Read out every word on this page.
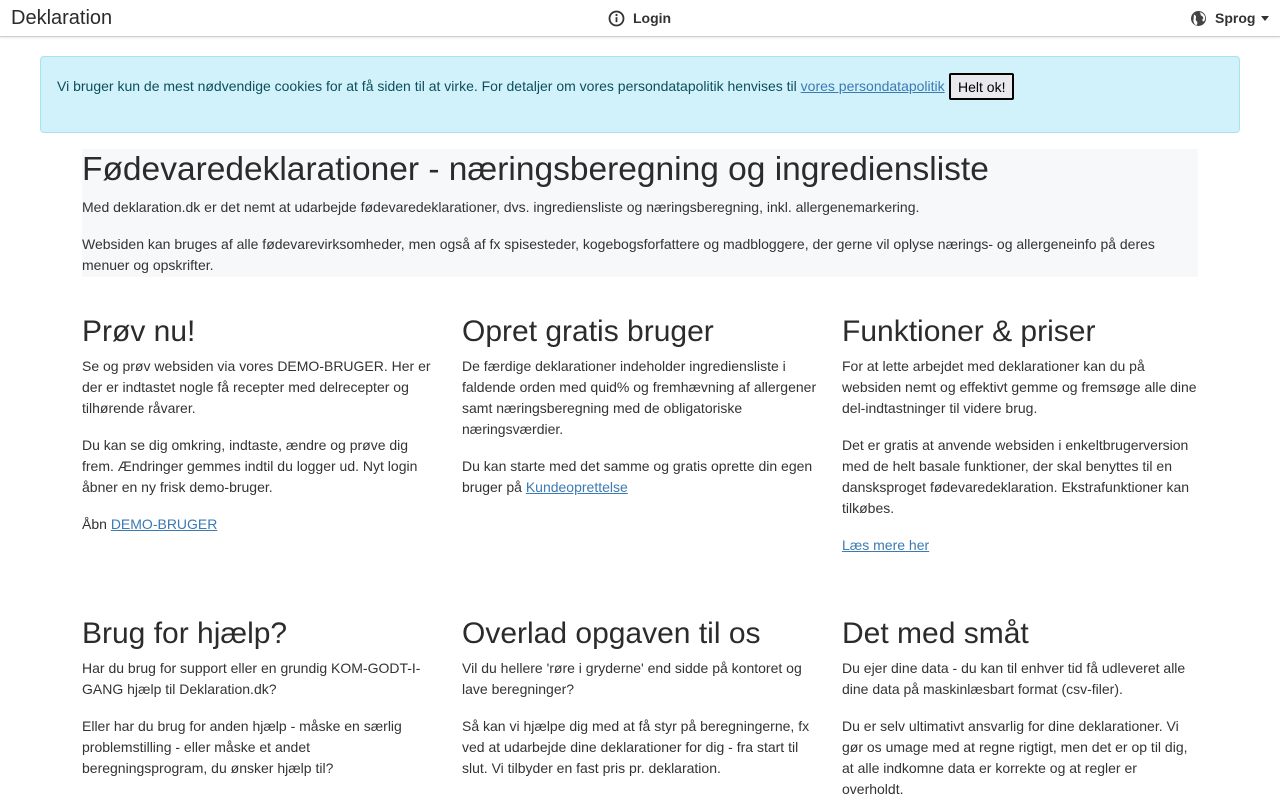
Deklaration	Login	Sprog
Vi bruger kun de mest nødvendige cookies for at få siden til at virke. For detaljer om vores persondatapolitik henvises til vores persondatapolitik Helt ok!
Fødevaredeklarationer - næringsberegning og ingrediensliste

Med deklaration.dk er det nemt at udarbejde fødevaredeklarationer, dvs. ingrediensliste og næringsberegning, inkl. allergenemarkering.

Websiden kan bruges af alle fødevarevirksomheder, men også af fx spisesteder, kogebogsforfattere og madbloggere, der gerne vil oplyse nærings- og allergeneinfo på deres menuer og opskrifter.

Prøv nu!

Se og prøv websiden via vores DEMO-BRUGER. Her er der er indtastet nogle få recepter med delrecepter og tilhørende råvarer.

Du kan se dig omkring, indtaste, ændre og prøve dig frem. Ændringer gemmes indtil du logger ud. Nyt login åbner en ny frisk demo-bruger.

Åbn DEMO-BRUGER

Opret gratis bruger

De færdige deklarationer indeholder ingrediensliste i faldende orden med quid% og fremhævning af allergener samt næringsberegning med de obligatoriske næringsværdier.

Du kan starte med det samme og gratis oprette din egen bruger på Kundeoprettelse

Funktioner & priser

For at lette arbejdet med deklarationer kan du på websiden nemt og effektivt gemme og fremsøge alle dine del-indtastninger til videre brug.

Det er gratis at anvende websiden i enkeltbrugerversion med de helt basale funktioner, der skal benyttes til en dansksproget fødevaredeklaration. Ekstrafunktioner kan tilkøbes.

Læs mere her

Brug for hjælp?

Har du brug for support eller en grundig KOM-GODT-I-GANG hjælp til Deklaration.dk?

Eller har du brug for anden hjælp - måske en særlig problemstilling - eller måske et andet beregningsprogram, du ønsker hjælp til?

Overlad opgaven til os

Vil du hellere 'røre i gryderne' end sidde på kontoret og lave beregninger?

Så kan vi hjælpe dig med at få styr på beregningerne, fx ved at udarbejde dine deklarationer for dig - fra start til slut. Vi tilbyder en fast pris pr. deklaration.

Det med småt

Du ejer dine data - du kan til enhver tid få udleveret alle dine data på maskinlæsbart format (csv-filer).

Du er selv ultimativt ansvarlig for dine deklarationer. Vi gør os umage med at regne rigtigt, men det er op til dig, at alle indkomne data er korrekte og at regler er overholdt.
